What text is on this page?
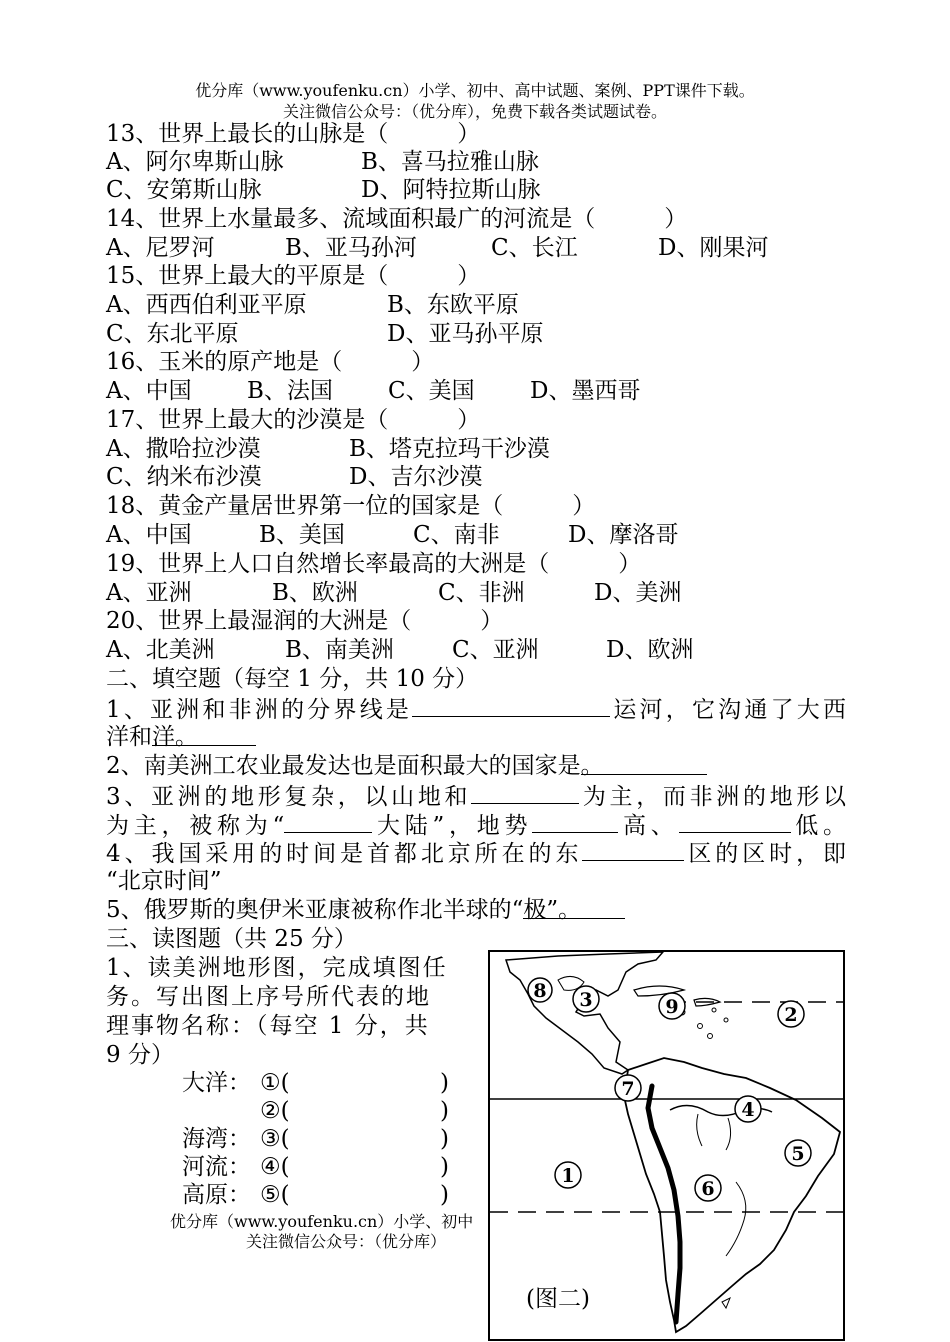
优分库（www.youfenku.cn）小学、初中、高中试题、案例、PPT课件下载。
关注微信公众号：（优分库），免费下载各类试题试卷。
13、世界上最长的山脉是（　　　）
A、阿尔卑斯山脉	B、喜马拉雅山脉
C、安第斯山脉	D、阿特拉斯山脉
14、世界上水量最多、流域面积最广的河流是（　　　）
A、尼罗河	B、亚马孙河	C、长江	D、刚果河
15、世界上最大的平原是（　　　）
A、西西伯利亚平原	B、东欧平原
C、东北平原	D、亚马孙平原
16、玉米的原产地是（　　　）
A、中国 B、法国 C、美国 D、墨西哥
17、世界上最大的沙漠是（　　　）
A、撒哈拉沙漠	B、塔克拉玛干沙漠
C、纳米布沙漠	D、吉尔沙漠
18、黄金产量居世界第一位的国家是（　　　）
A、中国	B、美国	C、南非	D、摩洛哥
19、世界上人口自然增长率最高的大洲是（　　　）
A、亚洲	B、欧洲	C、非洲	D、美洲
20、世界上最湿润的大洲是（　　　）
A、北美洲	B、南美洲	C、亚洲	D、欧洲
二、填空题（每空 1 分，共 10 分）
1、亚洲和非洲的分界线是	运河，它沟通了大西
洋和
洋。
2、南美洲工农业最发达也是面积最大的国家是
。
3、亚洲的地形复杂，以山地和	为主，而非洲的地形以
为主，被称为“	大陆”，地势	高、	低。
4、我国采用的时间是首都北京所在的东	区的区时，即
“北京时间”
5、俄罗斯的奥伊米亚康被称作北半球的“
极”。
三、读图题（共 25 分）
1、读美洲地形图，完成填图任
务。写出图上序号所代表的地
理事物名称：（每空 1 分，共
9 分）
大洋： ①(	)
②(	)
海湾： ③(	)
河流： ④(	)
高原： ⑤(	)
优分库（www.youfenku.cn）小学、初中
关注微信公众号：（优分库）
8 3	9	2
7
4
5
1
6
(图二)
